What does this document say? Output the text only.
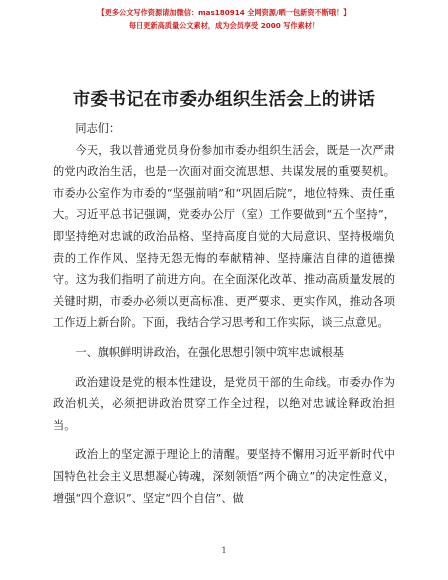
【更多公文写作资源请加微信：mas180914 全网资源/晒一包新资不断哦！】
每日更新高质量公文素材，成为会员享受 2000 写作素材！
市委书记在市委办组织生活会上的讲话

同志们：

今天，我以普通党员身份参加市委办组织生活会，既是一次严肃的党内政治生活，也是一次面对面交流思想、共谋发展的重要契机。市委办公室作为市委的“坚强前哨”和“巩固后院”，地位特殊、责任重大。习近平总书记强调，党委办公厅（室）工作要做到“五个坚持”，即坚持绝对忠诚的政治品格、坚持高度自觉的大局意识、坚持极端负责的工作作风、坚持无怨无悔的奉献精神、坚持廉洁自律的道德操守。这为我们指明了前进方向。在全面深化改革、推动高质量发展的关键时期，市委办必须以更高标准、更严要求、更实作风，推动各项工作迈上新台阶。下面，我结合学习思考和工作实际，谈三点意见。

一、旗帜鲜明讲政治，在强化思想引领中筑牢忠诚根基

政治建设是党的根本性建设，是党员干部的生命线。市委办作为政治机关，必须把讲政治贯穿工作全过程，以绝对忠诚诠释政治担当。

政治上的坚定源于理论上的清醒。要坚持不懈用习近平新时代中国特色社会主义思想凝心铸魂，深刻领悟“两个确立”的决定性意义，增强“四个意识”、坚定“四个自信”、做

1
